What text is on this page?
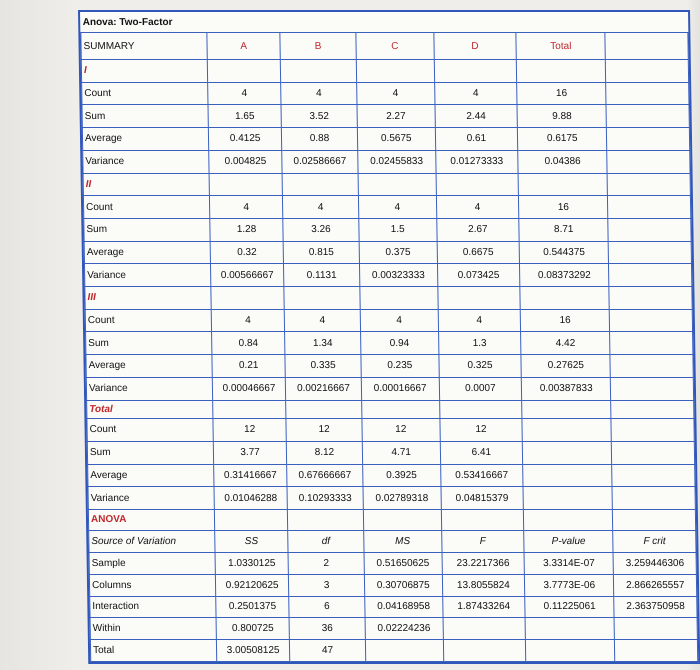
Anova: Two-Factor						
SUMMARY	A	B	C	D	Total	
I						
Count	4	4	4	4	16	
Sum	1.65	3.52	2.27	2.44	9.88	
Average	0.4125	0.88	0.5675	0.61	0.6175	
Variance	0.004825	0.02586667	0.02455833	0.01273333	0.04386	
II						
Count	4	4	4	4	16	
Sum	1.28	3.26	1.5	2.67	8.71	
Average	0.32	0.815	0.375	0.6675	0.544375	
Variance	0.00566667	0.1131	0.00323333	0.073425	0.08373292	
III						
Count	4	4	4	4	16	
Sum	0.84	1.34	0.94	1.3	4.42	
Average	0.21	0.335	0.235	0.325	0.27625	
Variance	0.00046667	0.00216667	0.00016667	0.0007	0.00387833	
Total						
Count	12	12	12	12		
Sum	3.77	8.12	4.71	6.41		
Average	0.31416667	0.67666667	0.3925	0.53416667		
Variance	0.01046288	0.10293333	0.02789318	0.04815379		
ANOVA						
Source of Variation	SS	df	MS	F	P-value	F crit
Sample	1.0330125	2	0.51650625	23.2217366	3.3314E-07	3.259446306
Columns	0.92120625	3	0.30706875	13.8055824	3.7773E-06	2.866265557
Interaction	0.2501375	6	0.04168958	1.87433264	0.11225061	2.363750958
Within	0.800725	36	0.02224236			
Total	3.00508125	47				
